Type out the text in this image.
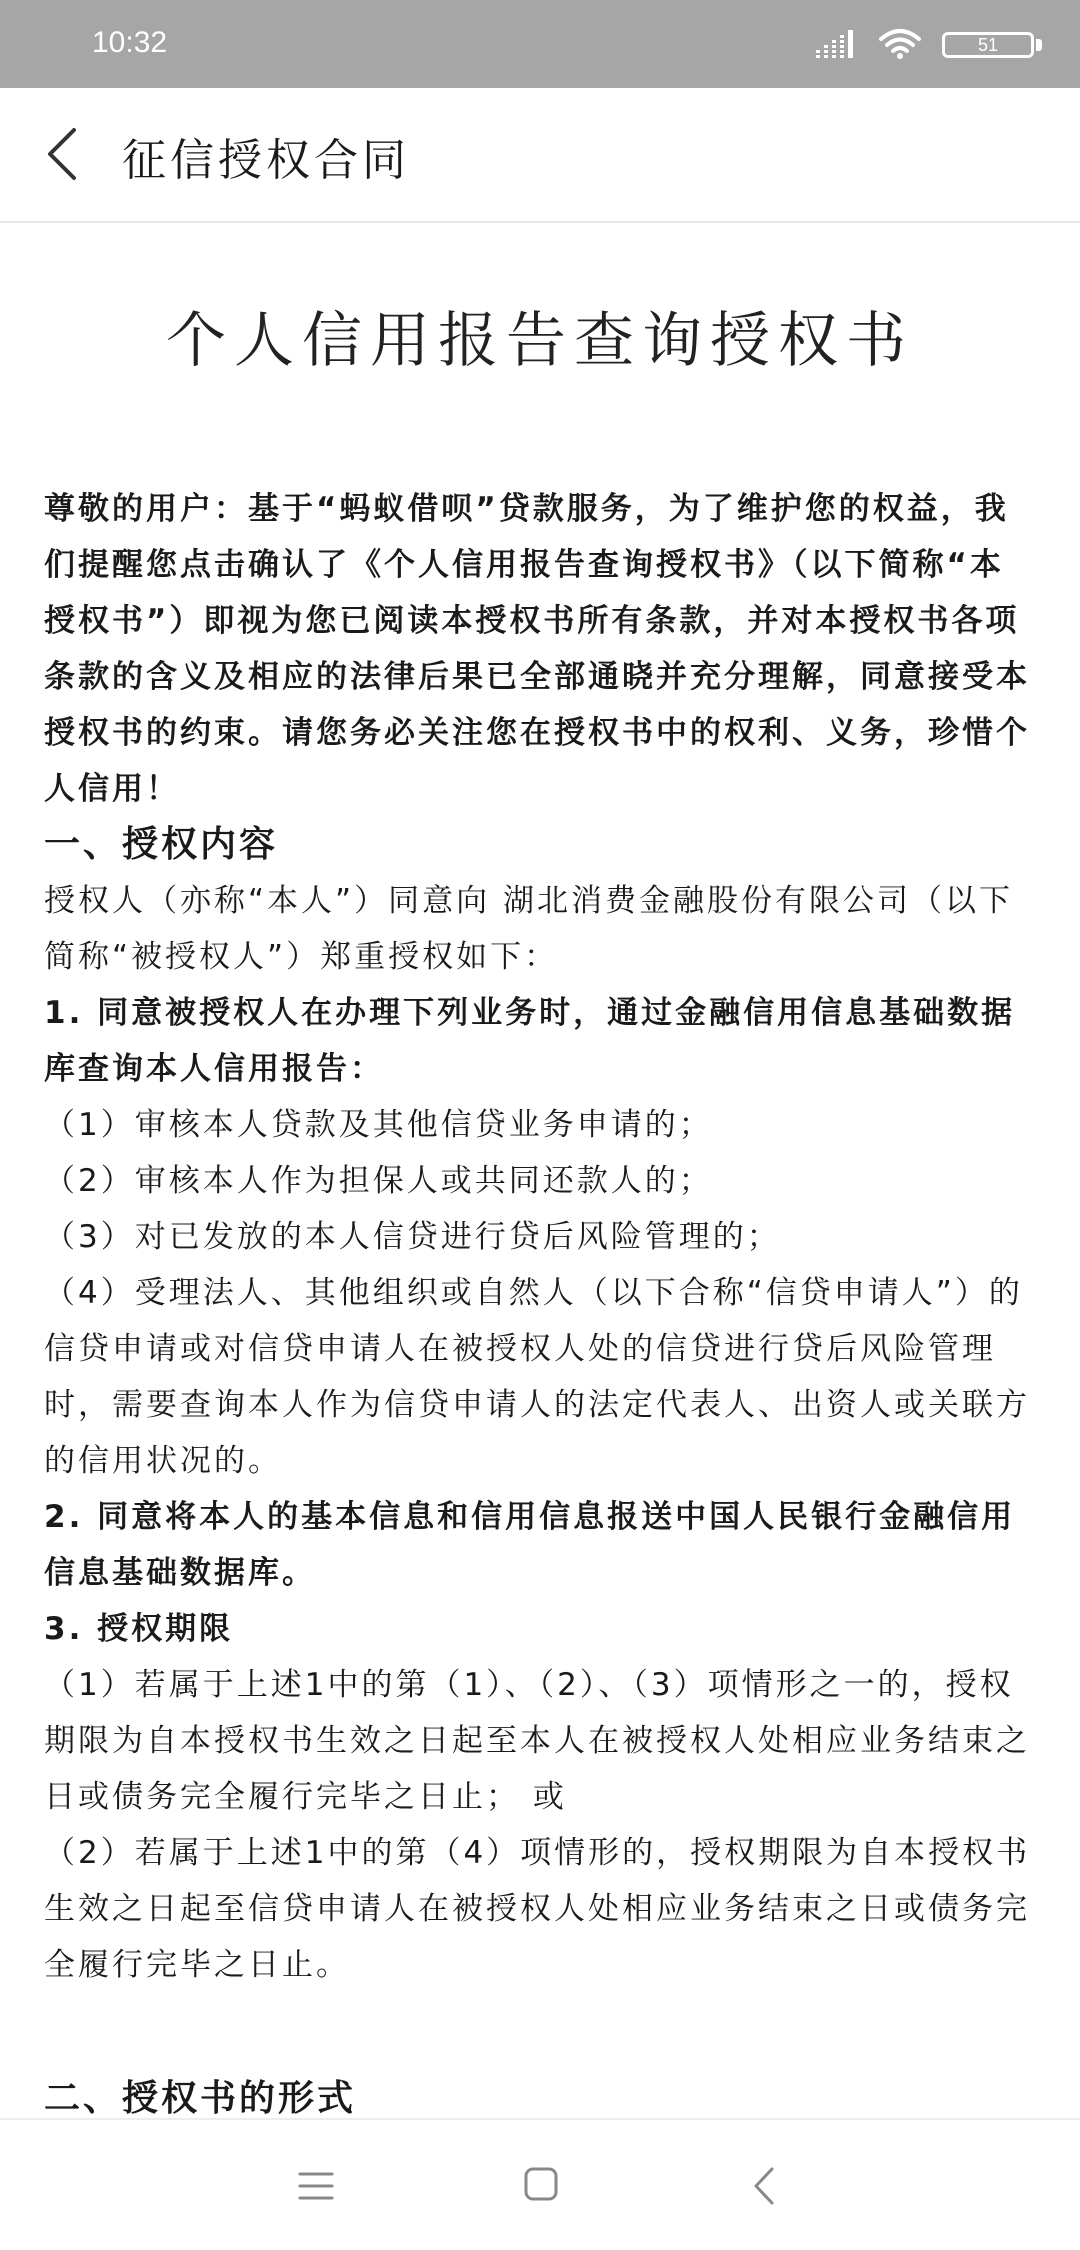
10:32	51
征信授权合同
个人信用报告查询授权书

尊敬的用户：基于“蚂蚁借呗”贷款服务，为了维护您的权益，我们提醒您点击确认了《个人信用报告查询授权书》（以下简称“本授权书”）即视为您已阅读本授权书所有条款，并对本授权书各项条款的含义及相应的法律后果已全部通晓并充分理解，同意接受本授权书的约束。请您务必关注您在授权书中的权利、义务，珍惜个人信用！

一、授权内容

授权人（亦称“本人”）同意向 湖北消费金融股份有限公司（以下简称“被授权人”）郑重授权如下：

1. 同意被授权人在办理下列业务时，通过金融信用信息基础数据库查询本人信用报告：

（1）审核本人贷款及其他信贷业务申请的；

（2）审核本人作为担保人或共同还款人的；

（3）对已发放的本人信贷进行贷后风险管理的；

（4）受理法人、其他组织或自然人（以下合称“信贷申请人”）的信贷申请或对信贷申请人在被授权人处的信贷进行贷后风险管理时，需要查询本人作为信贷申请人的法定代表人、出资人或关联方的信用状况的。

2. 同意将本人的基本信息和信用信息报送中国人民银行金融信用信息基础数据库。

3. 授权期限

（1）若属于上述1中的第（1）、（2）、（3）项情形之一的，授权期限为自本授权书生效之日起至本人在被授权人处相应业务结束之日或债务完全履行完毕之日止； 或

（2）若属于上述1中的第（4）项情形的，授权期限为自本授权书生效之日起至信贷申请人在被授权人处相应业务结束之日或债务完全履行完毕之日止。

二、授权书的形式
